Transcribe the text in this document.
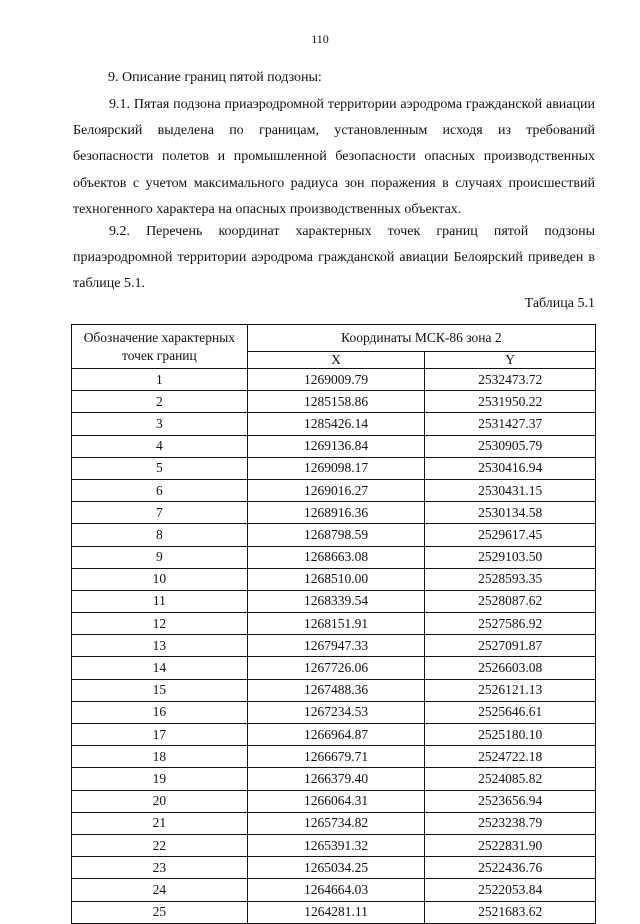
110
9. Описание границ пятой подзоны:
9.1. Пятая подзона приаэродромной территории аэродрома гражданской авиации Белоярский выделена по границам, установленным исходя из требований безопасности полетов и промышленной безопасности опасных производственных объектов с учетом максимального радиуса зон поражения в случаях происшествий техногенного характера на опасных производственных объектах.
9.2. Перечень координат характерных точек границ пятой подзоны приаэродромной территории аэродрома гражданской авиации Белоярский приведен в таблице 5.1.
Таблица 5.1
Обозначение характерных точек границ	Координаты МСК-86 зона 2	
	X	Y
1	1269009.79	2532473.72
2	1285158.86	2531950.22
3	1285426.14	2531427.37
4	1269136.84	2530905.79
5	1269098.17	2530416.94
6	1269016.27	2530431.15
7	1268916.36	2530134.58
8	1268798.59	2529617.45
9	1268663.08	2529103.50
10	1268510.00	2528593.35
11	1268339.54	2528087.62
12	1268151.91	2527586.92
13	1267947.33	2527091.87
14	1267726.06	2526603.08
15	1267488.36	2526121.13
16	1267234.53	2525646.61
17	1266964.87	2525180.10
18	1266679.71	2524722.18
19	1266379.40	2524085.82
20	1266064.31	2523656.94
21	1265734.82	2523238.79
22	1265391.32	2522831.90
23	1265034.25	2522436.76
24	1264664.03	2522053.84
25	1264281.11	2521683.62
